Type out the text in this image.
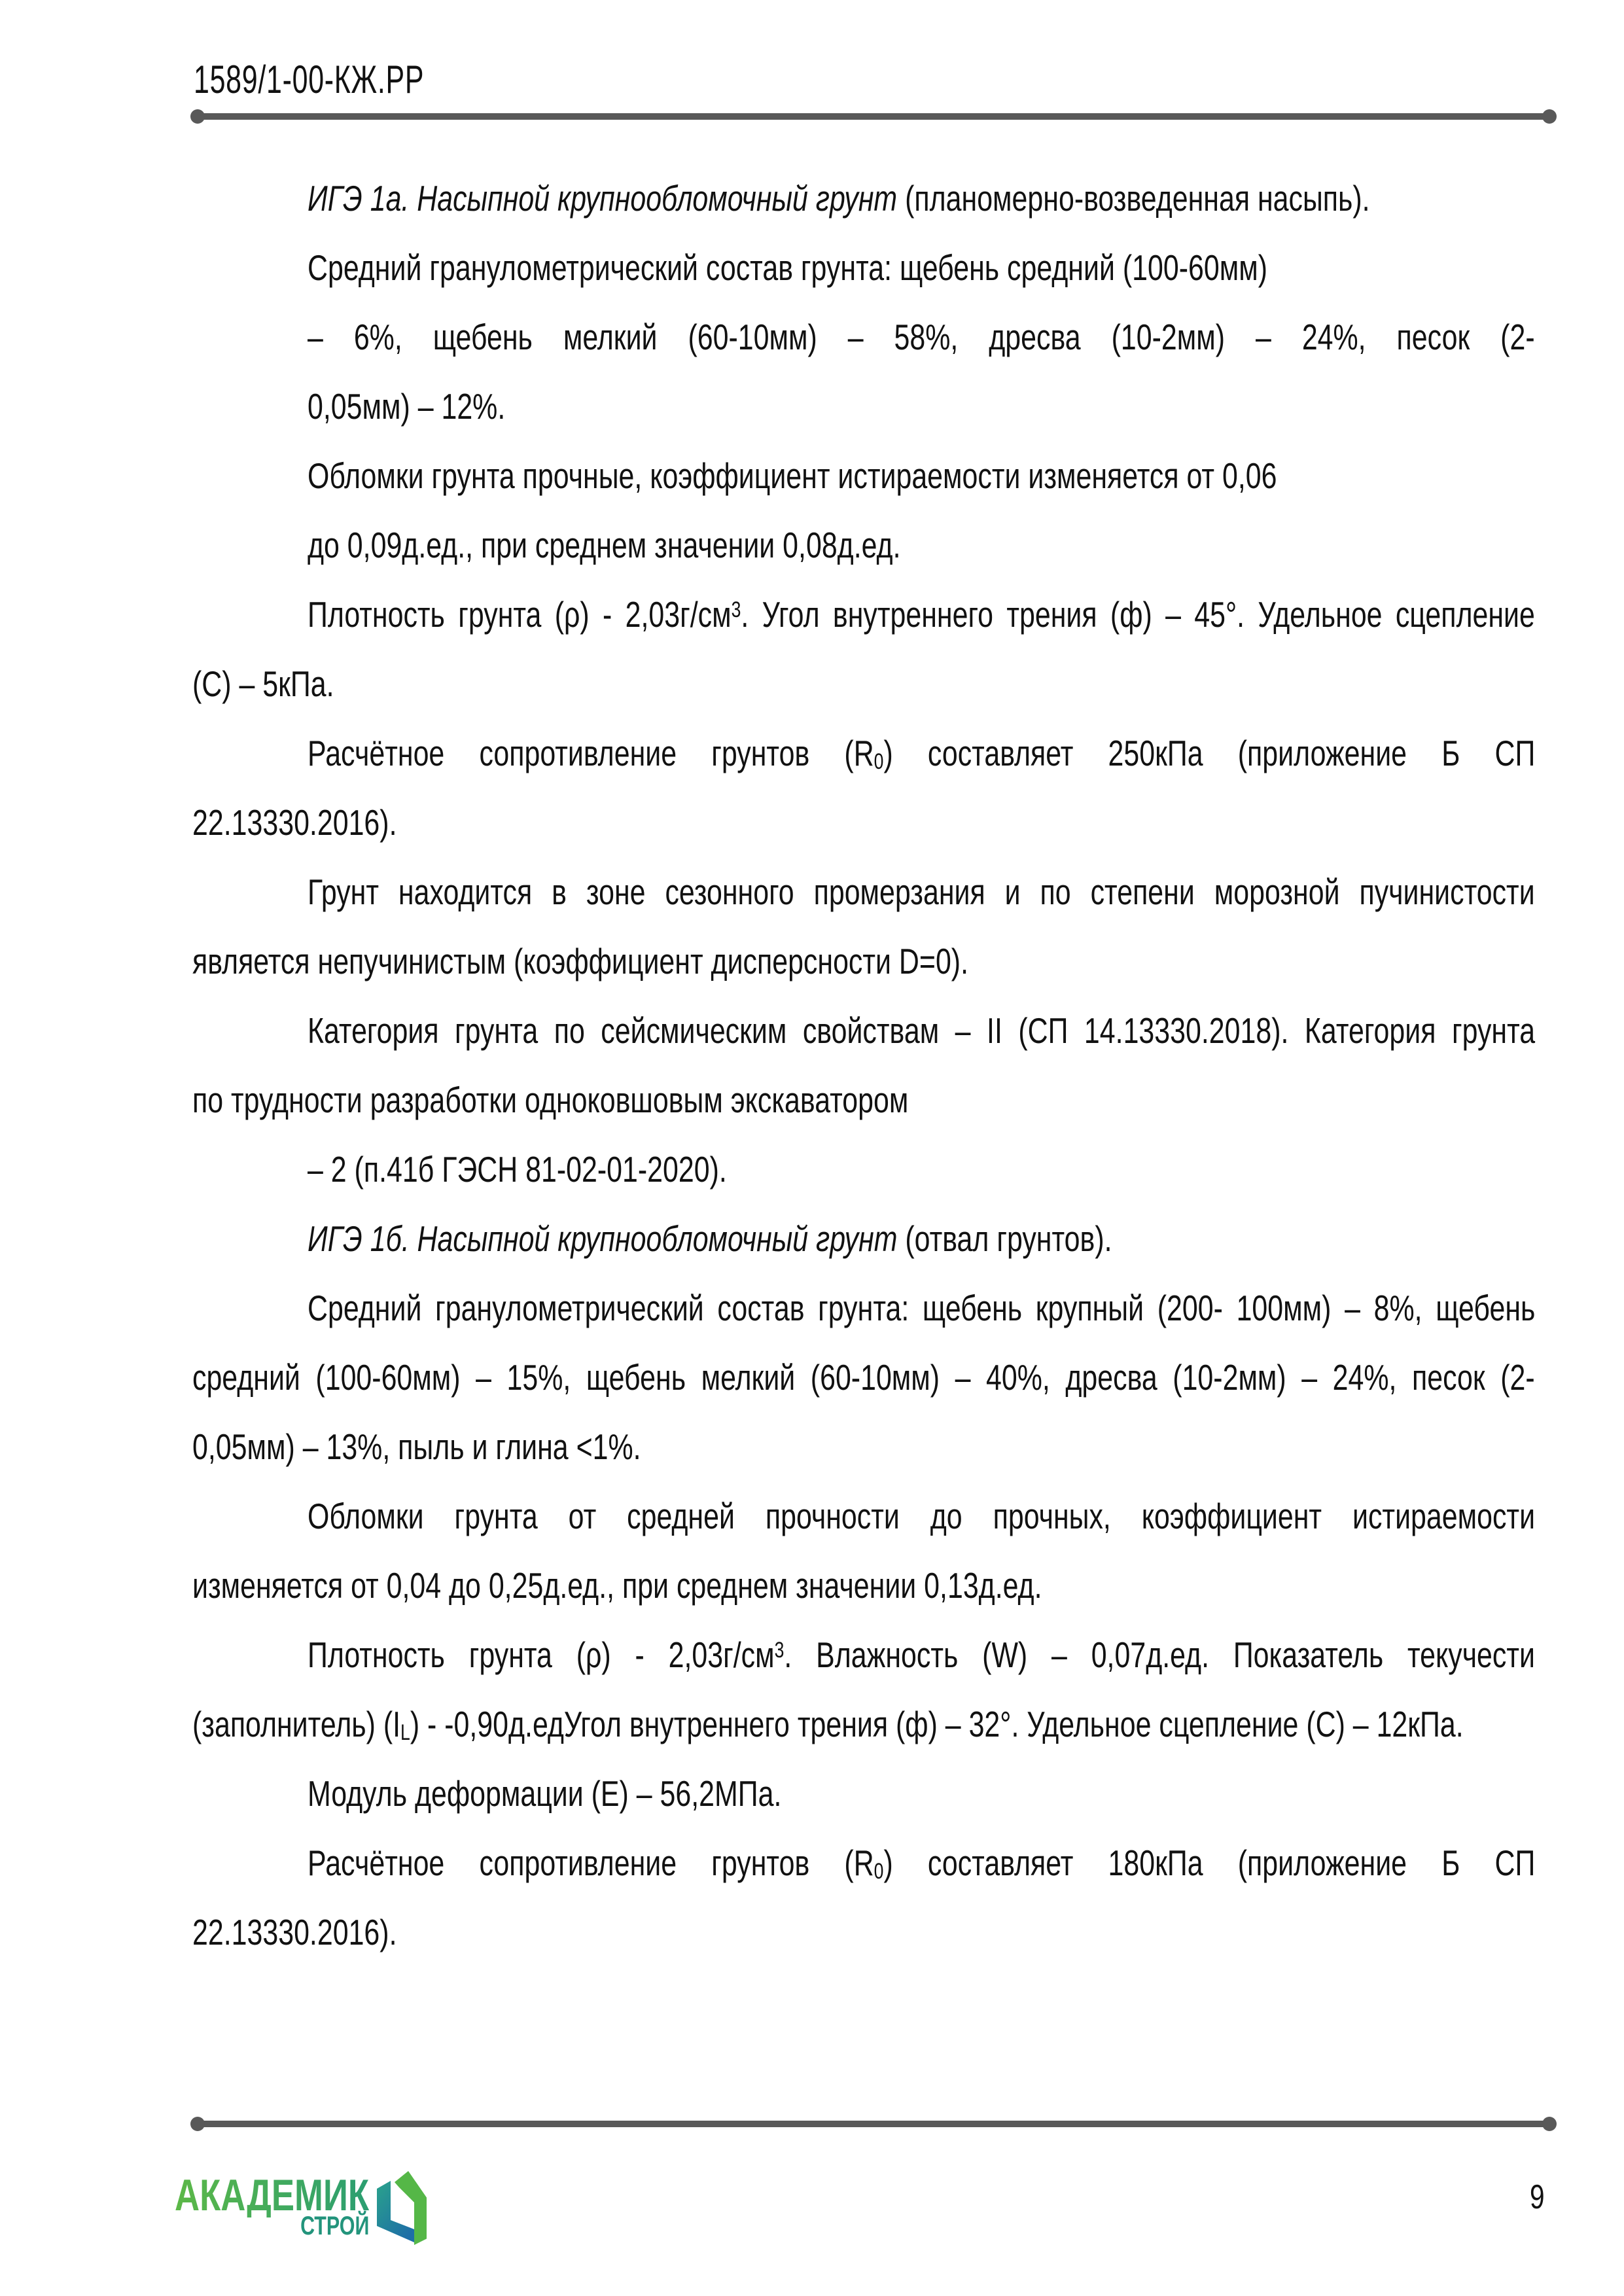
1589/1-00-КЖ.РР
ИГЭ 1а. Насыпной крупнообломочный грунт (планомерно-возведенная насыпь).
Средний гранулометрический состав грунта: щебень средний (100-60мм)
– 6%, щебень мелкий (60-10мм) – 58%, дресва (10-2мм) – 24%, песок (2-
0,05мм) – 12%.
Обломки грунта прочные, коэффициент истираемости изменяется от 0,06
до 0,09д.ед., при среднем значении 0,08д.ед.
Плотность грунта $(\rho) - 2,03г/см^3$. Угол внутреннего трения (ф) – 45°. Удельное сцепление
(С) – 5кПа.
Расчётное сопротивление грунтов (R0) составляет 250кПа (приложение Б СП
22.13330.2016).
Грунт находится в зоне сезонного промерзания и по степени морозной пучинистости
является непучинистым (коэффициент дисперсности D=0).
Категория грунта по сейсмическим свойствам – II (СП 14.13330.2018). Категория грунта
по трудности разработки одноковшовым экскаватором
– 2 (п.41б ГЭСН 81-02-01-2020).
ИГЭ 1б. Насыпной крупнообломочный грунт (отвал грунтов).
Средний гранулометрический состав грунта: щебень крупный (200- 100мм) – 8%, щебень
средний (100-60мм) – 15%, щебень мелкий (60-10мм) – 40%, дресва (10-2мм) – 24%, песок (2-
0,05мм) – 13%, пыль и глина <1%.
Обломки грунта от средней прочности до прочных, коэффициент истираемости
изменяется от 0,04 до 0,25д.ед., при среднем значении 0,13д.ед.
Плотность грунта $(\rho) - 2,03г/см^3$. Влажность (W) – 0,07д.ед. Показатель текучести
(заполнитель) (IL) - -0,90д.едУгол внутреннего трения (ф) – 32°. Удельное сцепление (С) – 12кПа.
Модуль деформации (Е) – 56,2МПа.
Расчётное сопротивление грунтов (R0) составляет 180кПа (приложение Б СП
22.13330.2016).
АКАДЕМИК
СТРОЙ
9
